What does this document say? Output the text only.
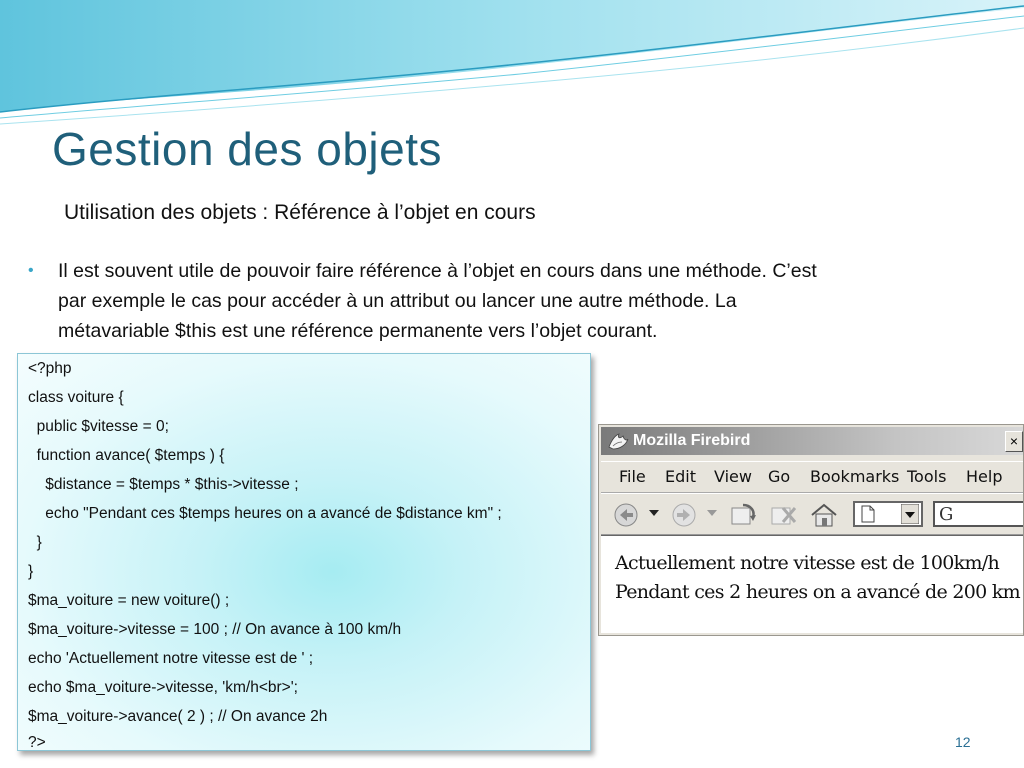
Gestion des objets
Utilisation des objets : Référence à l’objet en cours
• Il est souvent utile de pouvoir faire référence à l’objet en cours dans une méthode. C’est
par exemple le cas pour accéder à un attribut ou lancer une autre méthode. La
métavariable $this est une référence permanente vers l’objet courant.
<?php
class voiture {
public $vitesse = 0;
function avance( $temps ) {
$distance = $temps * $this->vitesse ;
echo "Pendant ces $temps heures on a avancé de $distance km" ;
}
}
$ma_voiture = new voiture() ;
$ma_voiture->vitesse = 100 ; // On avance à 100 km/h
echo 'Actuellement notre vitesse est de ' ;
echo $ma_voiture->vitesse, 'km/h<br>';
$ma_voiture->avance( 2 ) ; // On avance 2h
?>
Mozilla Firebird	×
File Edit View Go Bookmarks Tools Help
G
Actuellement notre vitesse est de 100km/h
Pendant ces 2 heures on a avancé de 200 km
12
